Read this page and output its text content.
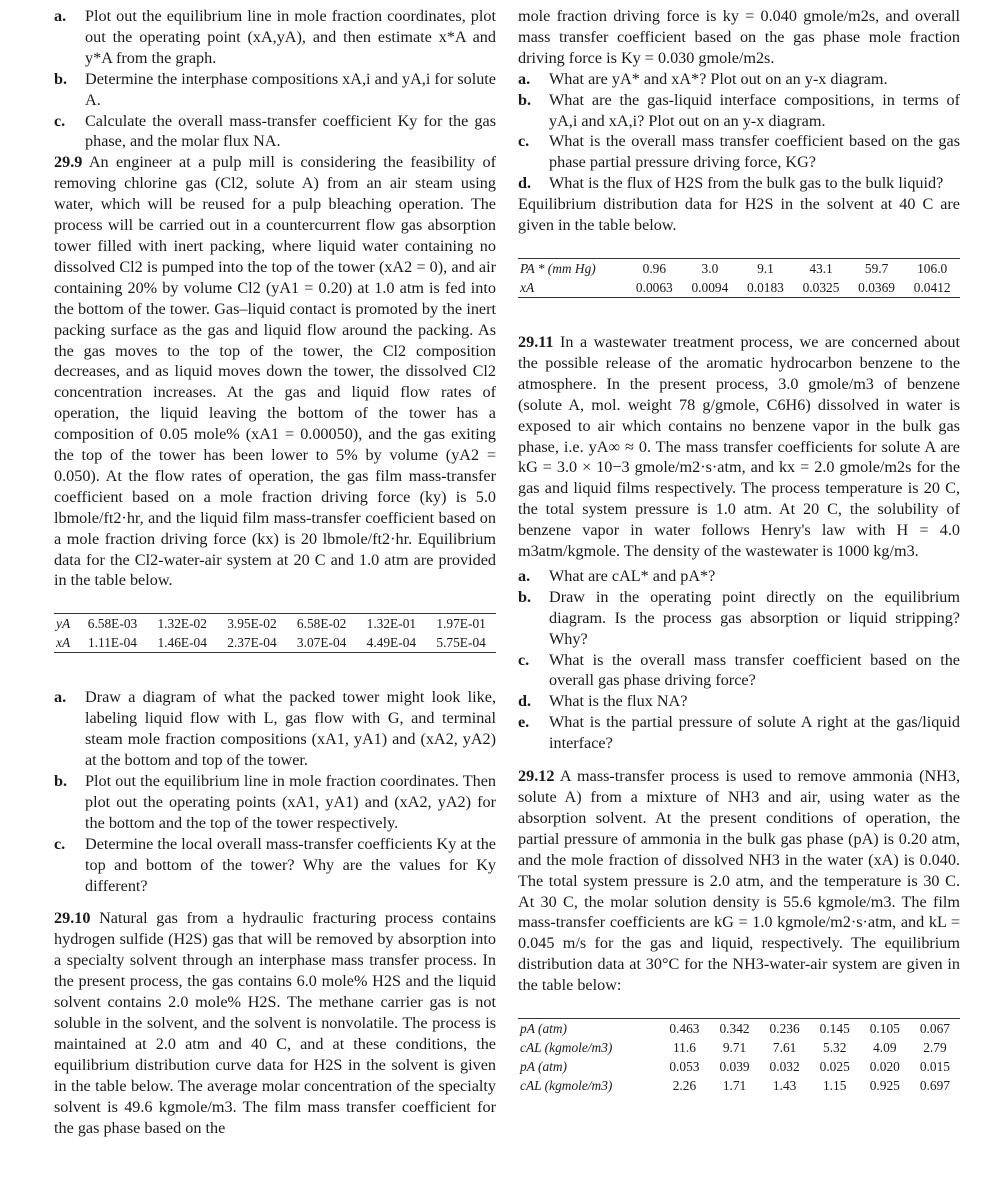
a.	Plot out the equilibrium line in mole fraction coordinates, plot out the operating point (xA,yA), and then estimate x*A and y*A from the graph.
b.	Determine the interphase compositions xA,i and yA,i for solute A.
c.	Calculate the overall mass-transfer coefficient Ky for the gas phase, and the molar flux NA.

29.9 An engineer at a pulp mill is considering the feasibility of removing chlorine gas (Cl2, solute A) from an air steam using water, which will be reused for a pulp bleaching operation. The process will be carried out in a countercurrent flow gas absorption tower filled with inert packing, where liquid water containing no dissolved Cl2 is pumped into the top of the tower (xA2 = 0), and air containing 20% by volume Cl2 (yA1 = 0.20) at 1.0 atm is fed into the bottom of the tower. Gas–liquid contact is promoted by the inert packing surface as the gas and liquid flow around the packing. As the gas moves to the top of the tower, the Cl2 composition decreases, and as liquid moves down the tower, the dissolved Cl2 concentration increases. At the gas and liquid flow rates of operation, the liquid leaving the bottom of the tower has a composition of 0.05 mole% (xA1 = 0.00050), and the gas exiting the top of the tower has been lower to 5% by volume (yA2 = 0.050). At the flow rates of operation, the gas film mass-transfer coefficient based on a mole fraction driving force (ky) is 5.0 lbmole/ft2·hr, and the liquid film mass-transfer coefficient based on a mole fraction driving force (kx) is 20 lbmole/ft2·hr. Equilibrium data for the Cl2-water-air system at 20 C and 1.0 atm are provided in the table below.

yA	6.58E-03	1.32E-02	3.95E-02	6.58E-02	1.32E-01	1.97E-01
xA	1.11E-04	1.46E-04	2.37E-04	3.07E-04	4.49E-04	5.75E-04
a.	Draw a diagram of what the packed tower might look like, labeling liquid flow with L, gas flow with G, and terminal steam mole fraction compositions (xA1, yA1) and (xA2, yA2) at the bottom and top of the tower.
b.	Plot out the equilibrium line in mole fraction coordinates. Then plot out the operating points (xA1, yA1) and (xA2, yA2) for the bottom and the top of the tower respectively.
c.	Determine the local overall mass-transfer coefficients Ky at the top and bottom of the tower? Why are the values for Ky different?

29.10 Natural gas from a hydraulic fracturing process contains hydrogen sulfide (H2S) gas that will be removed by absorption into a specialty solvent through an interphase mass transfer process. In the present process, the gas contains 6.0 mole% H2S and the liquid solvent contains 2.0 mole% H2S. The methane carrier gas is not soluble in the solvent, and the solvent is nonvolatile. The process is maintained at 2.0 atm and 40 C, and at these conditions, the equilibrium distribution curve data for H2S in the solvent is given in the table below. The average molar concentration of the specialty solvent is 49.6 kgmole/m3. The film mass transfer coefficient for the gas phase based on the

mole fraction driving force is ky = 0.040 gmole/m2s, and overall mass transfer coefficient based on the gas phase mole fraction driving force is Ky = 0.030 gmole/m2s.

a.	What are yA* and xA*? Plot out on an y-x diagram.
b.	What are the gas-liquid interface compositions, in terms of yA,i and xA,i? Plot out on an y-x diagram.
c.	What is the overall mass transfer coefficient based on the gas phase partial pressure driving force, KG?
d.	What is the flux of H2S from the bulk gas to the bulk liquid?

Equilibrium distribution data for H2S in the solvent at 40 C are given in the table below.

PA * (mm Hg)	0.96	3.0	9.1	43.1	59.7	106.0
xA	0.0063	0.0094	0.0183	0.0325	0.0369	0.0412

29.11 In a wastewater treatment process, we are concerned about the possible release of the aromatic hydrocarbon benzene to the atmosphere. In the present process, 3.0 gmole/m3 of benzene (solute A, mol. weight 78 g/gmole, C6H6) dissolved in water is exposed to air which contains no benzene vapor in the bulk gas phase, i.e. yA∞ ≈ 0. The mass transfer coefficients for solute A are kG = 3.0 × 10−3 gmole/m2·s·atm, and kx = 2.0 gmole/m2s for the gas and liquid films respectively. The process temperature is 20 C, the total system pressure is 1.0 atm. At 20 C, the solubility of benzene vapor in water follows Henry's law with H = 4.0 m3atm/kgmole. The density of the wastewater is 1000 kg/m3.

a.	What are cAL* and pA*?
b.	Draw in the operating point directly on the equilibrium diagram. Is the process gas absorption or liquid stripping? Why?
c.	What is the overall mass transfer coefficient based on the overall gas phase driving force?
d.	What is the flux NA?
e.	What is the partial pressure of solute A right at the gas/liquid interface?

29.12 A mass-transfer process is used to remove ammonia (NH3, solute A) from a mixture of NH3 and air, using water as the absorption solvent. At the present conditions of operation, the partial pressure of ammonia in the bulk gas phase (pA) is 0.20 atm, and the mole fraction of dissolved NH3 in the water (xA) is 0.040. The total system pressure is 2.0 atm, and the temperature is 30 C. At 30 C, the molar solution density is 55.6 kgmole/m3. The film mass-transfer coefficients are kG = 1.0 kgmole/m2·s·atm, and kL = 0.045 m/s for the gas and liquid, respectively. The equilibrium distribution data at 30°C for the NH3-water-air system are given in the table below:

pA (atm)	0.463	0.342	0.236	0.145	0.105	0.067
cAL (kgmole/m3)	11.6	9.71	7.61	5.32	4.09	2.79
pA (atm)	0.053	0.039	0.032	0.025	0.020	0.015
cAL (kgmole/m3)	2.26	1.71	1.43	1.15	0.925	0.697
